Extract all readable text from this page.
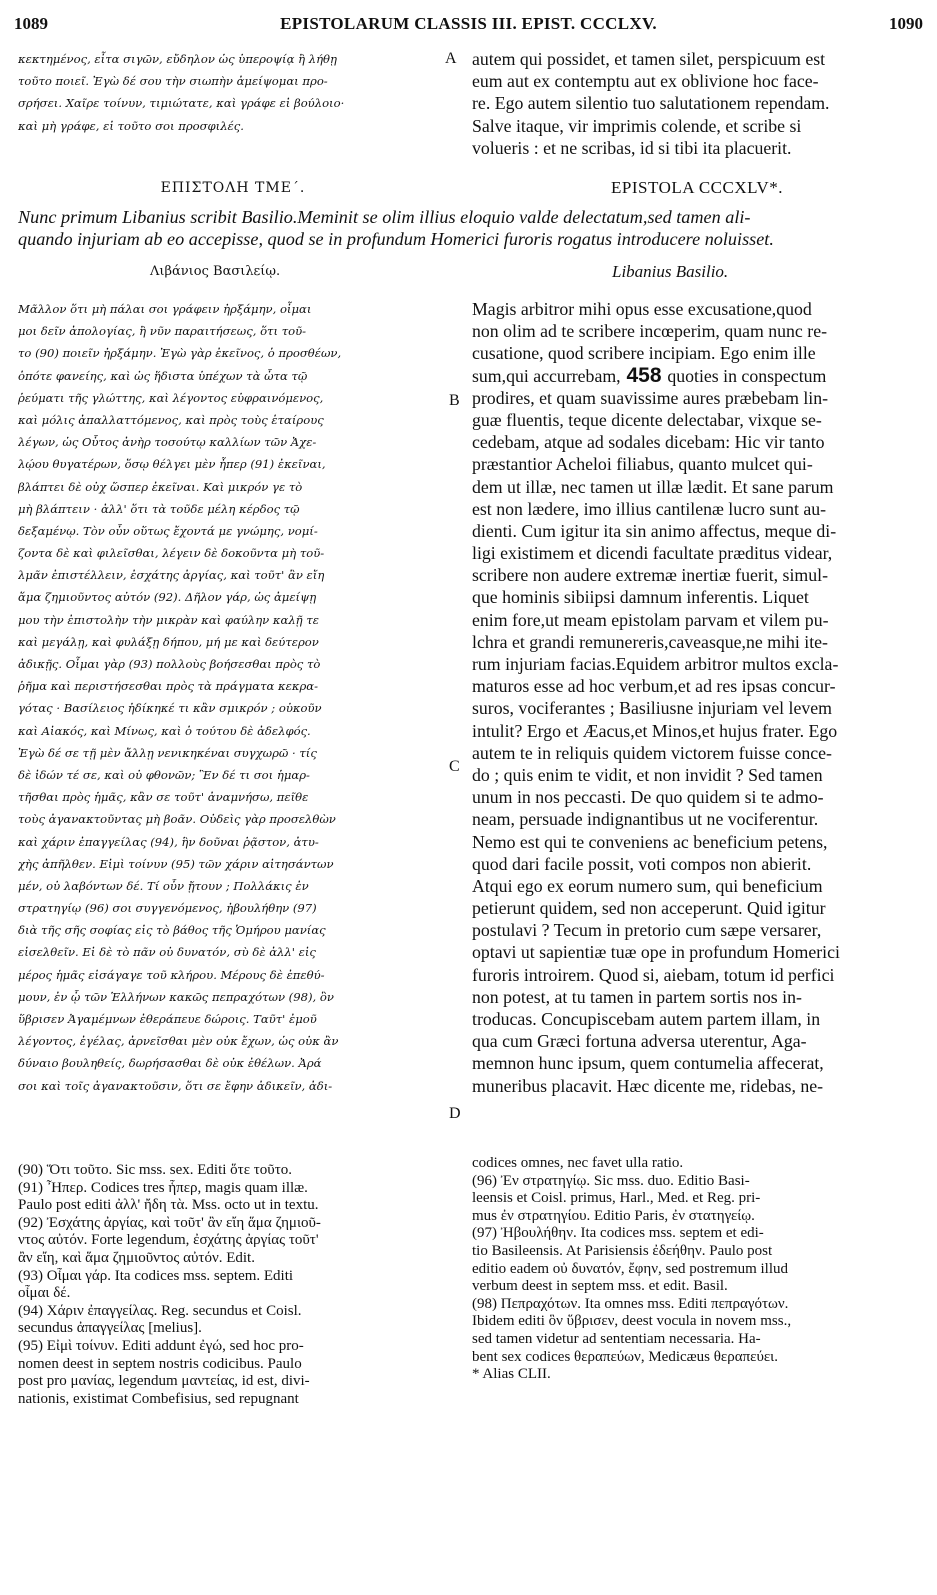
1089	EPISTOLARUM CLASSIS III. EPIST. CCCLXV.	1090
κεκτημένος, εἶτα σιγῶν, εὔδηλον ὡς ὑπεροψίᾳ ἢ λήθῃ
τοῦτο ποιεῖ. Ἐγὼ δέ σου τὴν σιωπὴν ἀμείψομαι προ-
σρήσει. Χαῖρε τοίνυν, τιμιώτατε, καὶ γράφε εἰ βούλοιο·
καὶ μὴ γράφε, εἰ τοῦτο σοι προσφιλές.
autem qui possidet, et tamen silet, perspicuum est
eum aut ex contemptu aut ex oblivione hoc face-
re. Ego autem silentio tuo salutationem rependam.
Salve itaque, vir imprimis colende, et scribe si
volueris : et ne scribas, id si tibi ita placuerit.
A
ΕΠΙΣΤΟΛΗ ΤΜΕ΄.	EPISTOLA CCCXLV*.
Nunc primum Libanius scribit Basilio.Meminit se olim illius eloquio valde delectatum,sed tamen ali-
quando injuriam ab eo accepisse, quod se in profundum Homerici furoris rogatus introducere noluisset.
Λιβάνιος Βασιλείῳ.	Libanius Basilio.
Μᾶλλον ὅτι μὴ πάλαι σοι γράφειν ἠρξάμην, οἶμαι
μοι δεῖν ἀπολογίας, ἢ νῦν παραιτήσεως, ὅτι τοῦ-
το (90) ποιεῖν ἠρξάμην. Ἐγὼ γὰρ ἐκεῖνος, ὁ προσθέων,
ὁπότε φανείης, καὶ ὡς ἥδιστα ὑπέχων τὰ ὦτα τῷ
ῥεύματι τῆς γλώττης, καὶ λέγοντος εὐφραινόμενος,
καὶ μόλις ἀπαλλαττόμενος, καὶ πρὸς τοὺς ἑταίρους
λέγων, ὡς Οὗτος ἀνὴρ τοσούτῳ καλλίων τῶν Ἀχε-
λῴου θυγατέρων, ὅσῳ θέλγει μὲν ἦπερ (91) ἐκεῖναι,
βλάπτει δὲ οὐχ ὥσπερ ἐκεῖναι. Καὶ μικρόν γε τὸ
μὴ βλάπτειν · ἀλλ' ὅτι τὰ τοῦδε μέλη κέρδος τῷ
δεξαμένῳ. Τὸν οὖν οὕτως ἔχοντά με γνώμης, νομί-
ζοντα δὲ καὶ φιλεῖσθαι, λέγειν δὲ δοκοῦντα μὴ τοῦ-
λμᾶν ἐπιστέλλειν, ἐσχάτης ἀργίας, καὶ τοῦτ' ἂν εἴη
ἅμα ζημιοῦντος αὐτόν (92). Δῆλον γάρ, ὡς ἀμείψῃ
μου τὴν ἐπιστολὴν τὴν μικρὰν καὶ φαύλην καλῇ τε
καὶ μεγάλῃ, καὶ φυλάξῃ δήπου, μή με καὶ δεύτερον
ἀδικῇς. Οἶμαι γὰρ (93) πολλοὺς βοήσεσθαι πρὸς τὸ
ῥῆμα καὶ περιστήσεσθαι πρὸς τὰ πράγματα κεκρα-
γότας · Βασίλειος ἠδίκηκέ τι κἂν σμικρόν ; οὐκοῦν
καὶ Αἰακός, καὶ Μίνως, καὶ ὁ τούτου δὲ ἀδελφός.
Ἐγὼ δέ σε τῇ μὲν ἄλλῃ νενικηκέναι συγχωρῶ · τίς
δὲ ἰδών τέ σε, καὶ οὐ φθονῶν; Ἓν δέ τι σοι ἡμαρ-
τῆσθαι πρὸς ἡμᾶς, κἂν σε τοῦτ' ἀναμνήσω, πεῖθε
τοὺς ἀγανακτοῦντας μὴ βοᾶν. Οὐδεὶς γὰρ προσελθὼν
καὶ χάριν ἐπαγγείλας (94), ἣν δοῦναι ῥᾷστον, ἀτυ-
χὴς ἀπῆλθεν. Εἰμὶ τοίνυν (95) τῶν χάριν αἰτησάντων
μέν, οὐ λαβόντων δέ. Τί οὖν ᾔτουν ; Πολλάκις ἐν
στρατηγίῳ (96) σοι συγγενόμενος, ἠβουλήθην (97)
διὰ τῆς σῆς σοφίας εἰς τὸ βάθος τῆς Ὁμήρου μανίας
εἰσελθεῖν. Εἰ δὲ τὸ πᾶν οὐ δυνατόν, σὺ δὲ ἀλλ' εἰς
μέρος ἡμᾶς εἰσάγαγε τοῦ κλήρου. Μέρους δὲ ἐπεθύ-
μουν, ἐν ᾧ τῶν Ἑλλήνων κακῶς πεπραχότων (98), ὃν
ὕβρισεν Ἀγαμέμνων ἐθεράπευε δώροις. Ταῦτ' ἐμοῦ
λέγοντος, ἐγέλας, ἀρνεῖσθαι μὲν οὐκ ἔχων, ὡς οὐκ ἂν
δύναιο βουληθείς, δωρήσασθαι δὲ οὐκ ἐθέλων. Ἀρά
σοι καὶ τοῖς ἀγανακτοῦσιν, ὅτι σε ἔφην ἀδικεῖν, ἀδι-
Magis arbitror mihi opus esse excusatione,quod
non olim ad te scribere incœperim, quam nunc re-
cusatione, quod scribere incipiam. Ego enim ille
sum,qui accurrebam, 458 quoties in conspectum
prodires, et quam suavissime aures præbebam lin-
guæ fluentis, teque dicente delectabar, vixque se-
cedebam, atque ad sodales dicebam: Hic vir tanto
præstantior Acheloi filiabus, quanto mulcet qui-
dem ut illæ, nec tamen ut illæ lædit. Et sane parum
est non lædere, imo illius cantilenæ lucro sunt au-
dienti. Cum igitur ita sin animo affectus, meque di-
ligi existimem et dicendi facultate præditus videar,
scribere non audere extremæ inertiæ fuerit, simul-
que hominis sibiipsi damnum inferentis. Liquet
enim fore,ut meam epistolam parvam et vilem pu-
lchra et grandi remunereris,caveasque,ne mihi ite-
rum injuriam facias.Equidem arbitror multos excla-
maturos esse ad hoc verbum,et ad res ipsas concur-
suros, vociferantes ; Basiliusne injuriam vel levem
intulit? Ergo et Æacus,et Minos,et hujus frater. Ego
autem te in reliquis quidem victorem fuisse conce-
do ; quis enim te vidit, et non invidit ? Sed tamen
unum in nos peccasti. De quo quidem si te admo-
neam, persuade indignantibus ut ne vociferentur.
Nemo est qui te conveniens ac beneficium petens,
quod dari facile possit, voti compos non abierit.
Atqui ego ex eorum numero sum, qui beneficium
petierunt quidem, sed non acceperunt. Quid igitur
postulavi ? Tecum in pretorio cum sæpe versarer,
optavi ut sapientiæ tuæ ope in profundum Homerici
furoris introirem. Quod si, aiebam, totum id perfici
non potest, at tu tamen in partem sortis nos in-
troducas. Concupiscebam autem partem illam, in
qua cum Græci fortuna adversa uterentur, Aga-
memnon hunc ipsum, quem contumelia affecerat,
muneribus placavit. Hæc dicente me, ridebas, ne-
B
C
D
(90) Ὅτι τοῦτο. Sic mss. sex. Editi ὅτε τοῦτο.
(91) Ἦπερ. Codices tres ἧπερ, magis quam illæ.
Paulo post editi ἀλλ' ἤδη τὰ. Mss. octo ut in textu.
(92) Ἐσχάτης ἀργίας, καὶ τοῦτ' ἂν εἴη ἅμα ζημιοῦ-
ντος αὐτόν. Forte legendum, ἐσχάτης ἀργίας τοῦτ'
ἂν εἴη, καὶ ἅμα ζημιοῦντος αὐτόν. Edit.
(93) Οἶμαι γάρ. Ita codices mss. septem. Editi
οἶμαι δέ.
(94) Χάριν ἐπαγγείλας. Reg. secundus et Coisl.
secundus ἀπαγγείλας [melius].
(95) Εἰμὶ τοίνυν. Editi addunt ἐγώ, sed hoc pro-
nomen deest in septem nostris codicibus. Paulo
post pro μανίας, legendum μαντείας, id est, divi-
nationis, existimat Combefisius, sed repugnant
codices omnes, nec favet ulla ratio.
(96) Ἐν στρατηγίῳ. Sic mss. duo. Editio Basi-
leensis et Coisl. primus, Harl., Med. et Reg. pri-
mus ἐν στρατηγίου. Editio Paris, ἐν στατηγείῳ.
(97) Ἠβουλήθην. Ita codices mss. septem et edi-
tio Basileensis. At Parisiensis ἐδεήθην. Paulo post
editio eadem οὐ δυνατόν, ἔφην, sed postremum illud
verbum deest in septem mss. et edit. Basil.
(98) Πεπραχότων. Ita omnes mss. Editi πεπραγότων.
Ibidem editi ὃν ὕβρισεν, deest vocula in novem mss.,
sed tamen videtur ad sententiam necessaria. Ha-
bent sex codices θεραπεύων, Medicæus θεραπεύει.
* Alias CLII.
